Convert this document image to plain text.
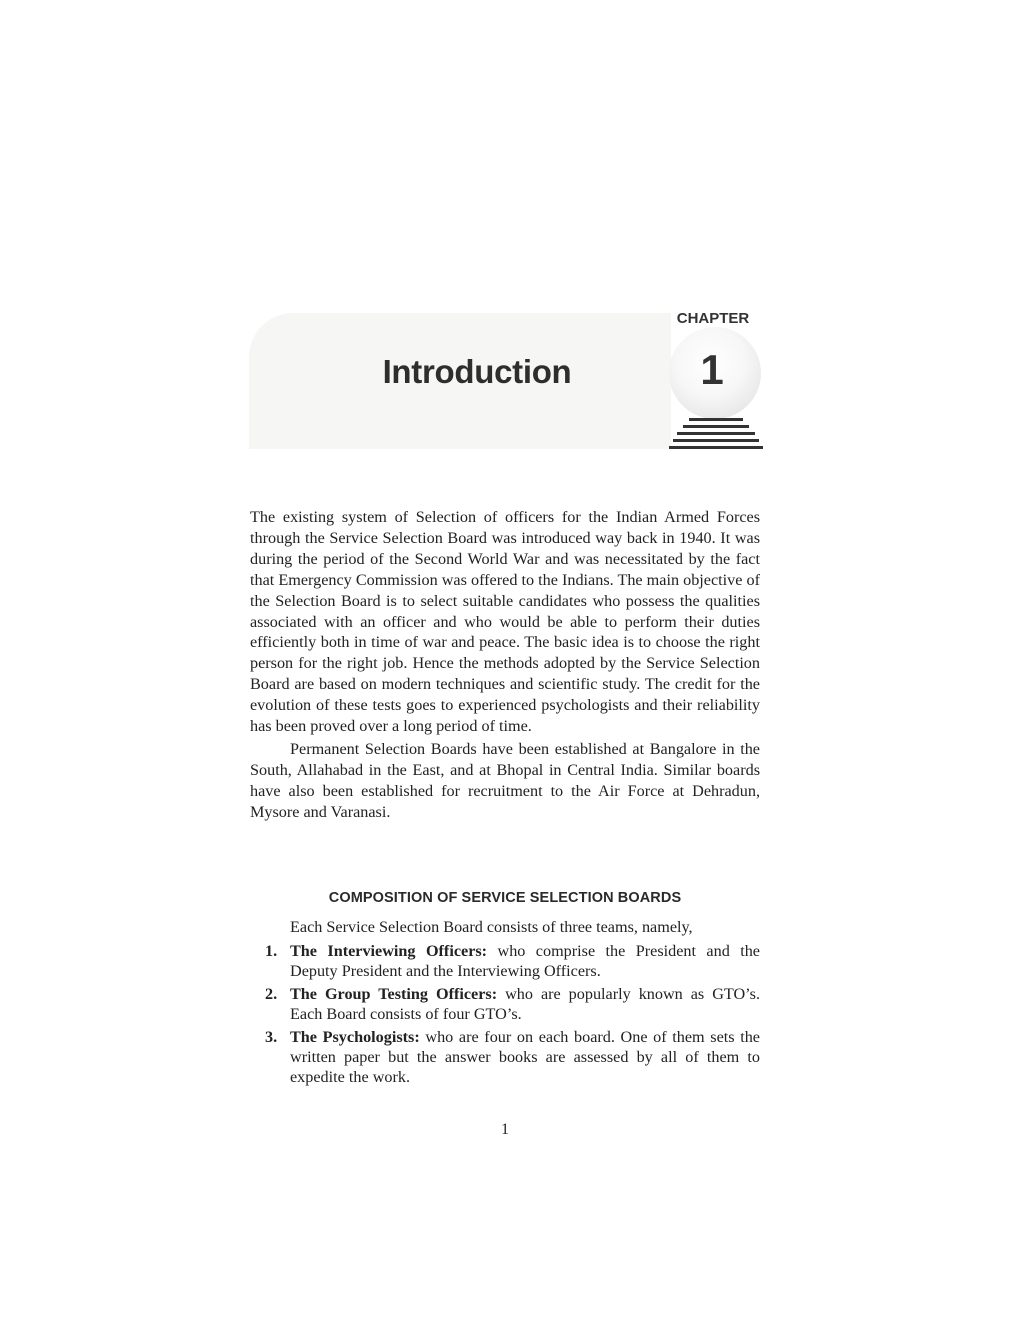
Introduction
CHAPTER
1

The existing system of Selection of officers for the Indian Armed Forces through the Service Selection Board was introduced way back in 1940. It was during the period of the Second World War and was necessitated by the fact that Emergency Commission was offered to the Indians. The main objective of the Selection Board is to select suitable candidates who possess the qualities associated with an officer and who would be able to perform their duties efficiently both in time of war and peace. The basic idea is to choose the right person for the right job. Hence the methods adopted by the Service Selection Board are based on modern techniques and scientific study. The credit for the evolution of these tests goes to experienced psychologists and their reliability has been proved over a long period of time.

Permanent Selection Boards have been established at Bangalore in the South, Allahabad in the East, and at Bhopal in Central India. Similar boards have also been established for recruitment to the Air Force at Dehradun, Mysore and Varanasi.

COMPOSITION OF SERVICE SELECTION BOARDS

Each Service Selection Board consists of three teams, namely,

1. The Interviewing Officers: who comprise the President and the Deputy President and the Interviewing Officers.
2. The Group Testing Officers: who are popularly known as GTO’s. Each Board consists of four GTO’s.
3. The Psychologists: who are four on each board. One of them sets the written paper but the answer books are assessed by all of them to expedite the work.
1
